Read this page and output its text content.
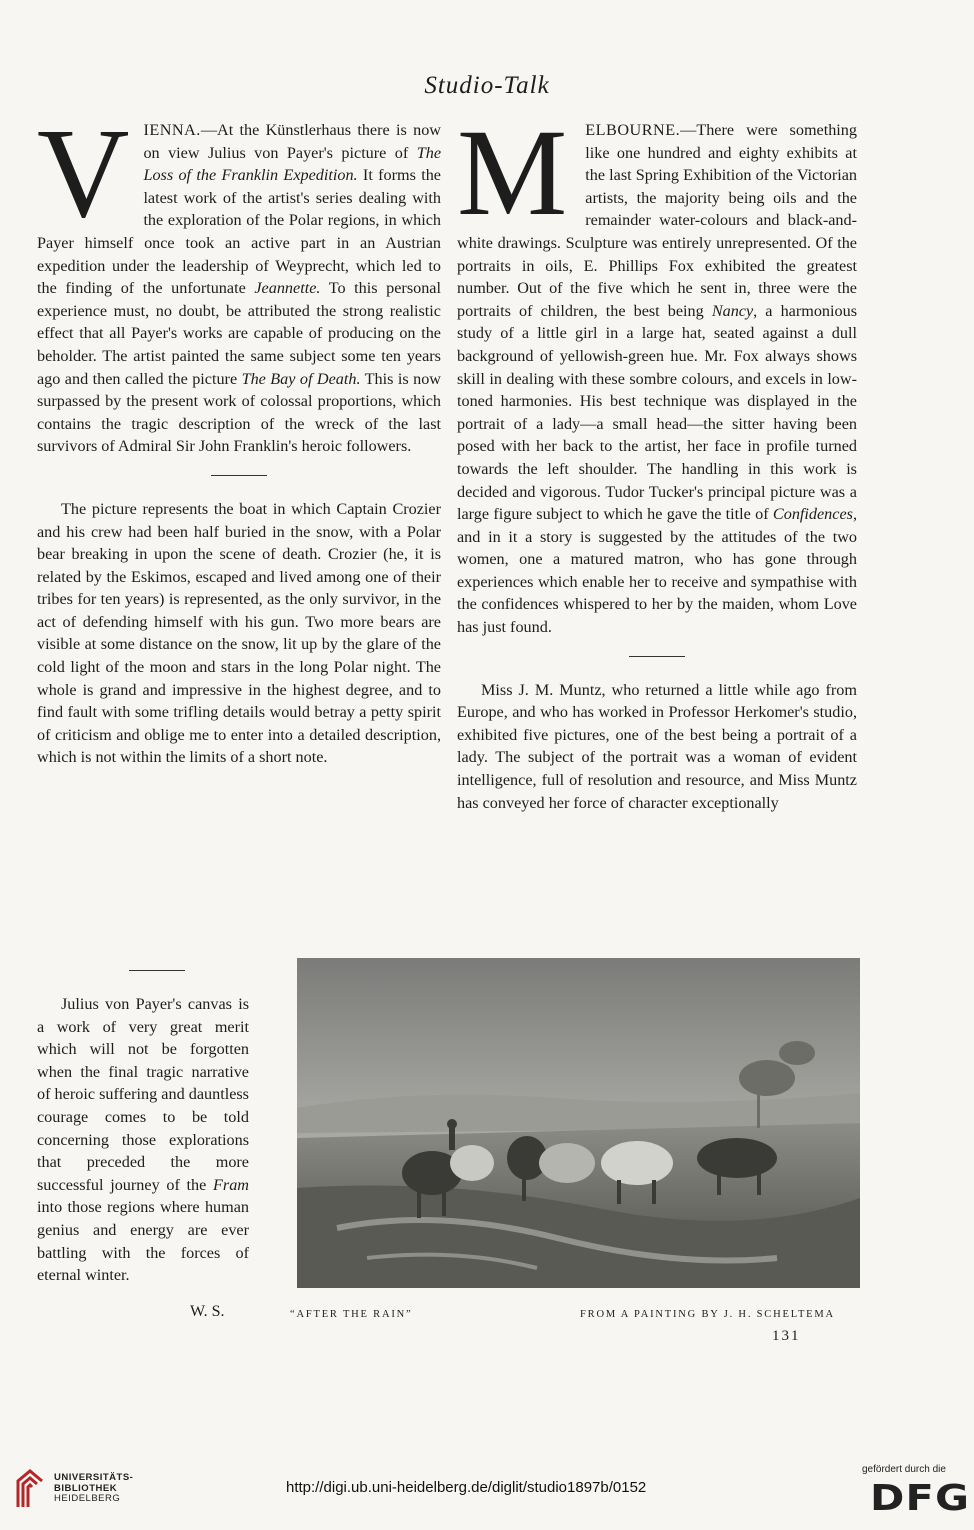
Studio-Talk

VIENNA.—At the Künstlerhaus there is now on view Julius von Payer's picture of The Loss of the Franklin Expedition. It forms the latest work of the artist's series dealing with the exploration of the Polar regions, in which Payer himself once took an active part in an Austrian expedition under the leadership of Weyprecht, which led to the finding of the unfortunate Jeannette. To this personal experience must, no doubt, be attributed the strong realistic effect that all Payer's works are capable of producing on the beholder. The artist painted the same subject some ten years ago and then called the picture The Bay of Death. This is now surpassed by the present work of colossal proportions, which contains the tragic description of the wreck of the last survivors of Admiral Sir John Franklin's heroic followers.

The picture represents the boat in which Captain Crozier and his crew had been half buried in the snow, with a Polar bear breaking in upon the scene of death. Crozier (he, it is related by the Eskimos, escaped and lived among one of their tribes for ten years) is represented, as the only survivor, in the act of defending himself with his gun. Two more bears are visible at some distance on the snow, lit up by the glare of the cold light of the moon and stars in the long Polar night. The whole is grand and impressive in the highest degree, and to find fault with some trifling details would betray a petty spirit of criticism and oblige me to enter into a detailed description, which is not within the limits of a short note.

Julius von Payer's canvas is a work of very great merit which will not be forgotten when the final tragic narrative of heroic suffering and dauntless courage comes to be told concerning those explorations that preceded the more successful journey of the Fram into those regions where human genius and energy are ever battling with the forces of eternal winter.

W. S.

M ELBOURNE.—There were something like one hundred and eighty exhibits at the last Spring Exhibition of the Victorian artists, the majority being oils and the remainder water-colours and black-and-white drawings. Sculpture was entirely unrepresented. Of the portraits in oils, E. Phillips Fox exhibited the greatest number. Out of the five which he sent in, three were the portraits of children, the best being Nancy, a harmonious study of a little girl in a large hat, seated against a dull background of yellowish-green hue. Mr. Fox always shows skill in dealing with these sombre colours, and excels in low-toned harmonies. His best technique was displayed in the portrait of a lady—a small head—the sitter having been posed with her back to the artist, her face in profile turned towards the left shoulder. The handling in this work is decided and vigorous. Tudor Tucker's principal picture was a large figure subject to which he gave the title of Confidences, and in it a story is suggested by the attitudes of the two women, one a matured matron, who has gone through experiences which enable her to receive and sympathise with the confidences whispered to her by the maiden, whom Love has just found.

Miss J. M. Muntz, who returned a little while ago from Europe, and who has worked in Professor Herkomer's studio, exhibited five pictures, one of the best being a portrait of a lady. The subject of the portrait was a woman of evident intelligence, full of resolution and resource, and Miss Muntz has conveyed her force of character exceptionally

“AFTER THE RAIN”	FROM A PAINTING BY J. H. SCHELTEMA
131
UNIVERSITÄTS-
BIBLIOTHEK
HEIDELBERG
http://digi.ub.uni-heidelberg.de/diglit/studio1897b/0152
gefördert durch die
DFG
